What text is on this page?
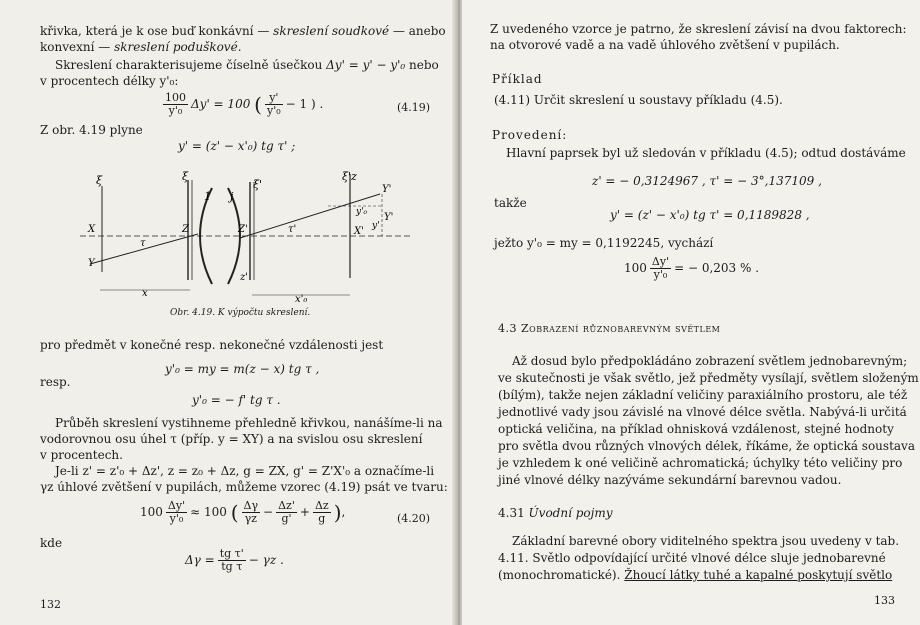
křivka, která je k ose buď konkávní — skreslení soudkové — anebo
konvexní — skreslení poduškové.
Skreslení charakterisujeme číselně úsečkou Δy' = y' − y'₀ nebo
v procentech délky y'₀:
$\frac{100}{\text{y'₀}} \Delta y' = 100$ ( $\frac{y'}{\text{y'₀}} - 1$ ) .	(4.19)
Z obr. 4.19 plyne
y' = (z' − x'₀) tg τ' ;
ξ	ξ
1 j
ξ'
ξ'z
Y'
X	Z	Z'
τ
τ'	X'
Y
Y'
z'
x
x'₀
y'
y'₀
Obr. 4.19. K výpočtu skreslení.
pro předmět v konečné resp. nekonečné vzdálenosti jest
y'₀ = my = m(z − x) tg τ ,
resp.
y'₀ = − f' tg τ .
Průběh skreslení vystihneme přehledně křivkou, nanášíme-li na
vodorovnou osu úhel τ (příp. y = XY) a na svislou osu skreslení
v procentech.
Je-li z' = z'₀ + Δz', z = z₀ + Δz, g = ZX, g' = Z'X'₀ a označíme-li
γz úhlové zvětšení v pupilách, můžeme vzorec (4.19) psát ve tvaru:
$100 \frac{\Delta y'}{\text{y'₀}} \approx 100$ ( $\frac{\Delta\gamma}{\gamma z} - \frac{\Delta z'}{g'} + \frac{\Delta z}{g}$ ),	(4.20)
kde
$\Delta\gamma = \frac{\text{tg τ'}}{\text{tg τ}} - \gamma z$ .
132
Z uvedeného vzorce je patrno, že skreslení závisí na dvou faktorech:
na otvorové vadě a na vadě úhlového zvětšení v pupilách.
Příklad
(4.11) Určit skreslení u soustavy příkladu (4.5).
Provedení:
Hlavní paprsek byl už sledován v příkladu (4.5); odtud dostáváme
z' = − 0,3124967 , τ' = − 3°,137109 ,
takže
y' = (z' − x'₀) tg τ' = 0,1189828 ,
ježto y'₀ = my = 0,1192245, vychází
$100 \frac{\Delta y'}{\text{y'₀}}$ = − 0,203 % .
4.3 Zobrazení různobarevným světlem
Až dosud bylo předpokládáno zobrazení světlem jednobarevným;
ve skutečnosti je však světlo, jež předměty vysílají, světlem složeným
(bílým), takže nejen základní veličiny paraxiálního prostoru, ale též
jednotlivé vady jsou závislé na vlnové délce světla. Nabývá-li určitá
optická veličina, na příklad ohnisková vzdálenost, stejné hodnoty
pro světla dvou různých vlnových délek, říkáme, že optická soustava
je vzhledem k oné veličině achromatická; úchylky této veličiny pro
jiné vlnové délky nazýváme sekundární barevnou vadou.
4.31 Úvodní pojmy
Základní barevné obory viditelného spektra jsou uvedeny v tab.
4.11. Světlo odpovídající určité vlnové délce sluje jednobarevné
(monochromatické). Žhoucí látky tuhé a kapalné poskytují světlo
133
